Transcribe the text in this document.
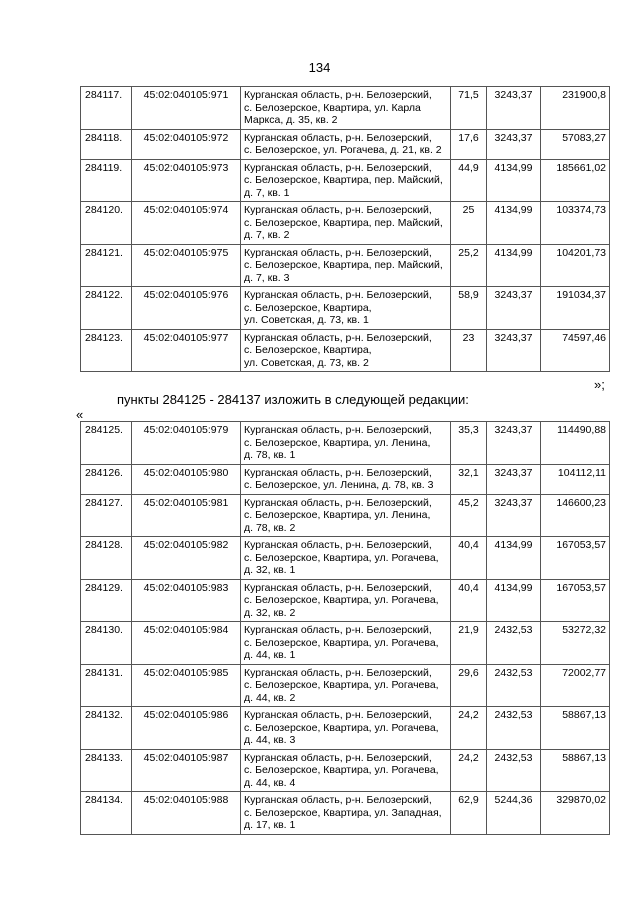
134
284117.	45:02:040105:971	Курганская область, р-н. Белозерский,
с. Белозерское, Квартира, ул. Карла
Маркса, д. 35, кв. 2	71,5	3243,37	231900,8
284118.	45:02:040105:972	Курганская область, р-н. Белозерский,
с. Белозерское, ул. Рогачева, д. 21, кв. 2	17,6	3243,37	57083,27
284119.	45:02:040105:973	Курганская область, р-н. Белозерский,
с. Белозерское, Квартира, пер. Майский,
д. 7, кв. 1	44,9	4134,99	185661,02
284120.	45:02:040105:974	Курганская область, р-н. Белозерский,
с. Белозерское, Квартира, пер. Майский,
д. 7, кв. 2	25	4134,99	103374,73
284121.	45:02:040105:975	Курганская область, р-н. Белозерский,
с. Белозерское, Квартира, пер. Майский,
д. 7, кв. 3	25,2	4134,99	104201,73
284122.	45:02:040105:976	Курганская область, р-н. Белозерский,
с. Белозерское, Квартира,
ул. Советская, д. 73, кв. 1	58,9	3243,37	191034,37
284123.	45:02:040105:977	Курганская область, р-н. Белозерский,
с. Белозерское, Квартира,
ул. Советская, д. 73, кв. 2	23	3243,37	74597,46
»;
пункты 284125 - 284137 изложить в следующей редакции:
«
284125.	45:02:040105:979	Курганская область, р-н. Белозерский,
с. Белозерское, Квартира, ул. Ленина,
д. 78, кв. 1	35,3	3243,37	114490,88
284126.	45:02:040105:980	Курганская область, р-н. Белозерский,
с. Белозерское, ул. Ленина, д. 78, кв. 3	32,1	3243,37	104112,11
284127.	45:02:040105:981	Курганская область, р-н. Белозерский,
с. Белозерское, Квартира, ул. Ленина,
д. 78, кв. 2	45,2	3243,37	146600,23
284128.	45:02:040105:982	Курганская область, р-н. Белозерский,
с. Белозерское, Квартира, ул. Рогачева,
д. 32, кв. 1	40,4	4134,99	167053,57
284129.	45:02:040105:983	Курганская область, р-н. Белозерский,
с. Белозерское, Квартира, ул. Рогачева,
д. 32, кв. 2	40,4	4134,99	167053,57
284130.	45:02:040105:984	Курганская область, р-н. Белозерский,
с. Белозерское, Квартира, ул. Рогачева,
д. 44, кв. 1	21,9	2432,53	53272,32
284131.	45:02:040105:985	Курганская область, р-н. Белозерский,
с. Белозерское, Квартира, ул. Рогачева,
д. 44, кв. 2	29,6	2432,53	72002,77
284132.	45:02:040105:986	Курганская область, р-н. Белозерский,
с. Белозерское, Квартира, ул. Рогачева,
д. 44, кв. 3	24,2	2432,53	58867,13
284133.	45:02:040105:987	Курганская область, р-н. Белозерский,
с. Белозерское, Квартира, ул. Рогачева,
д. 44, кв. 4	24,2	2432,53	58867,13
284134.	45:02:040105:988	Курганская область, р-н. Белозерский,
с. Белозерское, Квартира, ул. Западная,
д. 17, кв. 1	62,9	5244,36	329870,02
